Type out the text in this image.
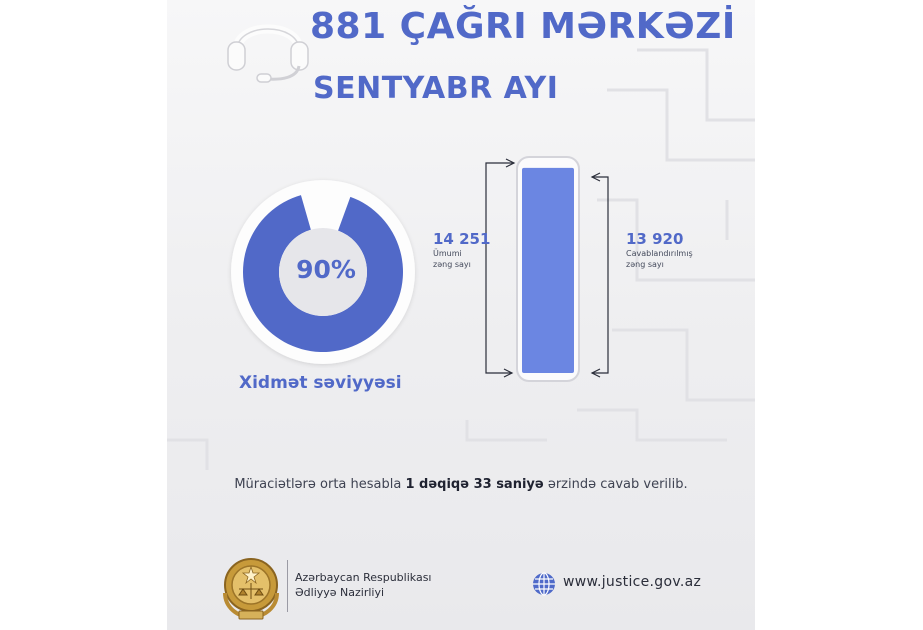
881 ÇAĞRI MƏRKƏZİ
SENTYABR AYI
90%
Xidmət səviyyəsi
14 251
Ümumi
zəng sayı
13 920
Cavablandırılmış
zəng sayı
Müraciətlərə orta hesabla 1 dəqiqə 33 saniyə ərzində cavab verilib.
Azərbaycan Respublikası
Ədliyyə Nazirliyi
www.justice.gov.az
